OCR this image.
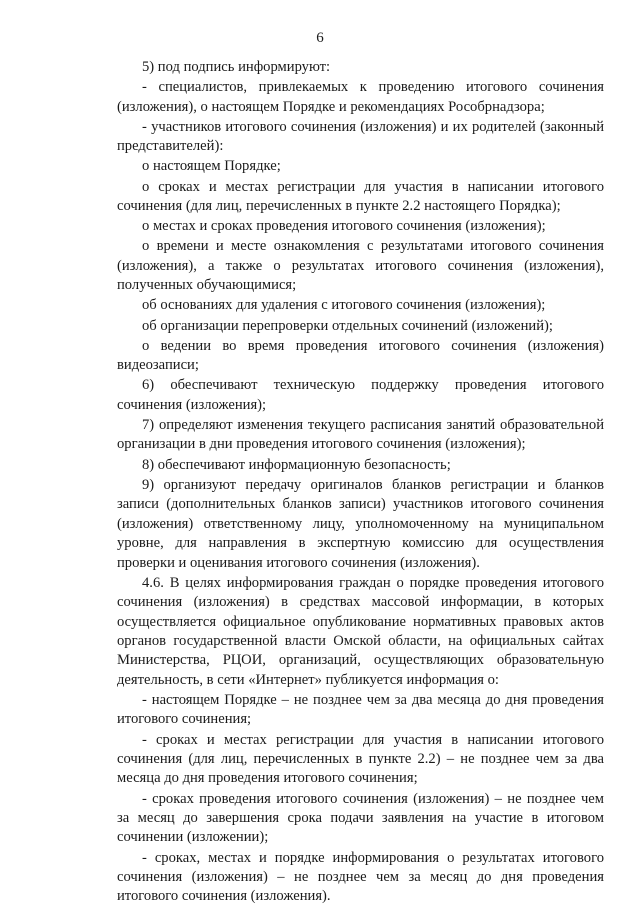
6

5) под подпись информируют:

- специалистов, привлекаемых к проведению итогового сочинения (изложения), о настоящем Порядке и рекомендациях Рособрнадзора;

- участников итогового сочинения (изложения) и их родителей (законный представителей):

о настоящем Порядке;

о сроках и местах регистрации для участия в написании итогового сочинения (для лиц, перечисленных в пункте 2.2 настоящего Порядка);

о местах и сроках проведения итогового сочинения (изложения);

о времени и месте ознакомления с результатами итогового сочинения (изложения), а также о результатах итогового сочинения (изложения), полученных обучающимися;

об основаниях для удаления с итогового сочинения (изложения);

об организации перепроверки отдельных сочинений (изложений);

о ведении во время проведения итогового сочинения (изложения) видеозаписи;

6) обеспечивают техническую поддержку проведения итогового сочинения (изложения);

7) определяют изменения текущего расписания занятий образовательной организации в дни проведения итогового сочинения (изложения);

8) обеспечивают информационную безопасность;

9) организуют передачу оригиналов бланков регистрации и бланков записи (дополнительных бланков записи) участников итогового сочинения (изложения) ответственному лицу, уполномоченному на муниципальном уровне, для направления в экспертную комиссию для осуществления проверки и оценивания итогового сочинения (изложения).

4.6. В целях информирования граждан о порядке проведения итогового сочинения (изложения) в средствах массовой информации, в которых осуществляется официальное опубликование нормативных правовых актов органов государственной власти Омской области, на официальных сайтах Министерства, РЦОИ, организаций, осуществляющих образовательную деятельность, в сети «Интернет» публикуется информация о:

- настоящем Порядке – не позднее чем за два месяца до дня проведения итогового сочинения;

- сроках и местах регистрации для участия в написании итогового сочинения (для лиц, перечисленных в пункте 2.2) – не позднее чем за два месяца до дня проведения итогового сочинения;

- сроках проведения итогового сочинения (изложения) – не позднее чем за месяц до завершения срока подачи заявления на участие в итоговом сочинении (изложении);

- сроках, местах и порядке информирования о результатах итогового сочинения (изложения) – не позднее чем за месяц до дня проведения итогового сочинения (изложения).
